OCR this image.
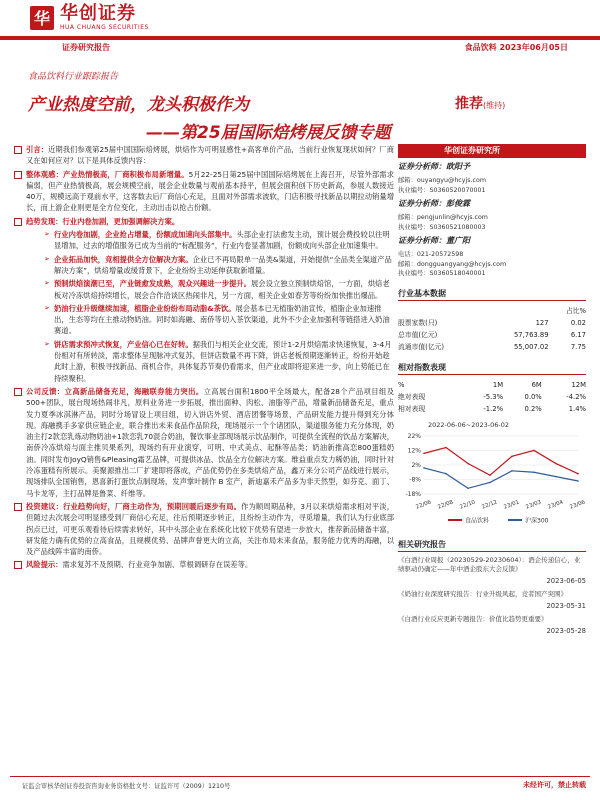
华 华创证券
HUA CHUANG SECURITIES
证券研究报告	食品饮料 2023年06月05日
食品饮料行业跟踪报告
产业热度空前，龙头积极作为
——第25届国际焙烤展反馈专题
推荐(维持)
引言：近期我们参观第25届中国国际焙烤展，烘焙作为可明显感性+高客单价产品，当前行业恢复现状如何？厂商又在如何应对？以下是具体反馈内容：
整体观感：产业热情极高，厂商积极布局新增量。5月22-25日第25届中国国际焙烤展在上海召开，尽管外部需求偏弱，但产业热情极高，展会规模空前，展会企业数量与观前基本持平，但展会面积创下历史新高，参展人数接近40万，规模远高于观前水平，这客数去后厂商信心充足，且面对外部需求波软，门店积极寻找新品以期拉动销量增长，而上游企业则更是全方位变化，主动出击以抢占份额。
趋势发现：行业内卷加剧，更加强调解决方案。
➢ 行业内卷加剧，企业抢占增量，份额成加速向头部集中。头部企业打法愈发主动，预计展会费投较以往明显增加，过去的增值服务已成为当前的“标配服务”，行业内卷显著加剧，份额成向头部企业加速集中。
➢ 企业拓品加快，竞相提供全方位解决方案。企业已不再局限单一品类&渠道，开始提供“全品类全渠道产品解决方案”，烘焙增量或缓背景下，企业纷纷主动延伸获取新增量。
➢ 预制烘焙演潮已至，产业链愈发成熟，观众兴趣进一步提升。展会设立独立预制烘焙馆，一方面，烘焙老板对冷冻烘焙持续增长，展会合作洽谈区热闹非凡，另一方面，相关企业如春芳等纷纷加快推出爆品。
➢ 奶油行业升级继续加速，植脂企业纷纷布局动脂&茶饮。展会基本已无植脂奶油宣传，植脂企业加速推出，生态等均在主推动物奶油。同时如海融、南侨等切入茶饮渠道，此外不少企业加强利等链搭进入奶油赛道。
➢ 饼店需求预冲式恢复，产业信心已在好转。据我们与相关企业交流，预计1-2月烘焙需求快速恢复，3-4月份相对有所转淡，需求整体呈现脉冲式复苏，但饼店数量不再下降，饼店老板预期逐渐转正，纷纷开始趁此时上游，积极寻找新品、商机合作，具体复苏节奏仍看需求，但产业或即将迎来进一步，向上势能已在持续聚积。
公司反馈：立高新品储备充足，海融联券能力突出。立高展台面积1800平全场最大，配备28个产品项目组及500+团队，展台现场热闹非凡，原料业务进一步拓展，推出面种、肉松、油脂等产品，增量新品储备充足，重点发力夏季冰淇淋产品，同时分场冒设上项目组，切入饼店外贸、酒店团餐等场景，产品研发能力提升得到充分体现。海融携手多家供应链企业，联合推出未来食品作品阶段，现场展示一个个诸团队，渠道服务能力充分体现，奶油主打2款恋乳炼动物奶油+1款恋乳70混合奶油，餐饮事业部现场展示饮品制作，可提供全流程的饮品方案解决，南侨冷冻烘焙与面主推贝果系列，现场约有开业演穿，可明、中式美点、起酥等品类；奶油新推高恋800蛋糕奶油。同时发布JoyQ销售&Pleasing霜艺品牌，可提供冰品、饮品全方位解决方案。维益重点发力稀奶油，同时针对冷冻蛋糕有所展示。美聚源推出二厂扩建即将落成，产品优势仍在多类烘焙产品，鑫万来分公司产品线进行展示，现场排队全国销售，恩喜新打蛋饮点制现场，发声掌叶制作 B 室产，新迪嘉禾产品多为非天然型，如芬克、面丁、马卡龙等，主打品牌是鲁菜、纤维等。
投资建议：行业趋势向好，厂商主动作为，预期回暖后逐步有局。作为顺周期品种，3月以来烘焙需求相对平淡，但随过去次展会可明显感受到厂商信心充足，往后预期逐步转正，且纷纷主动作为，寻觅增量，我们认为行业底部拐点已过，可更乐观看待后续需求转好，其中头部企业在系统化比较下优势有望进一步放大，推荐新品储备丰富，研发能力确有优势的立高食品，且规模优势、品牌声誉更大的立高，关注布局未来食品，服务能力优秀的海融，以及产品线阵丰富的南侨。
风险提示：需求复苏不及预期、行业竞争加剧、草根调研存在误差等。
华创证券研究所
证券分析师：欧阳予
邮箱：ouyangyu@hcyjs.com
执业编号：S0360520070001
证券分析师：彭俊霖
邮箱：pengjunlin@hcyjs.com
执业编号：S0360521080003
证券分析师：董广阳
电话：021-20572598
邮箱：dongguangyang@hcyjs.com
执业编号：S0360518040001
行业基本数据
		占比%
股票家数(只)	127	0.02
总市值(亿元)	57,763.89	6.17
流通市值(亿元)	55,007.02	7.75
相对指数表现
%	1M	6M	12M
绝对表现	-5.3%	0.0%	-4.2%
相对表现	-1.2%	0.2%	1.4%
2022-06-06~2023-06-02
22%
12%
2%
-8%
-18%
22/06 22/08 22/10 22/12 23/01 23/03 23/04 23/06
食品饮料	沪深300
相关研究报告
《白酒行业周报（20230529-20230604）：酒企传递信心，业绩驱动仍确定——年中酒企股东大会反馈》
2023-06-05
《奶油行业深度研究报告：行业升级风起，竞者国产突围》
2023-05-31
《白酒行业反应更新专题报告：价值比趋势更重要》
2023-05-28
证监会审核华创证券投资咨询业务资格批文号：证监许可（2009）1210号	未经许可，禁止转载
